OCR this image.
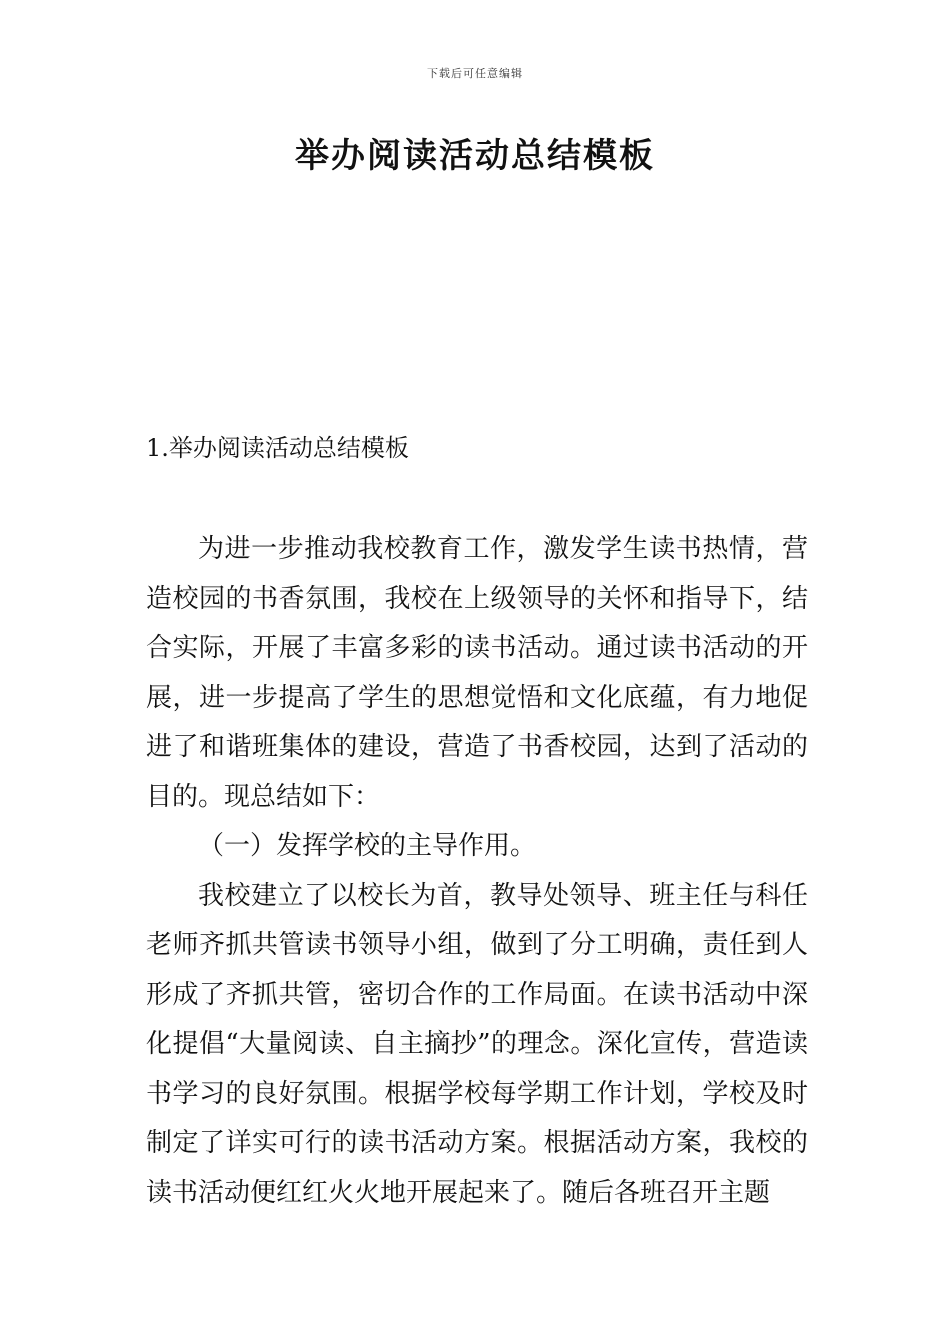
下载后可任意编辑
举办阅读活动总结模板
1.举办阅读活动总结模板

为进一步推动我校教育工作，激发学生读书热情，营造校园的书香氛围，我校在上级领导的关怀和指导下，结合实际，开展了丰富多彩的读书活动。通过读书活动的开展，进一步提高了学生的思想觉悟和文化底蕴，有力地促进了和谐班集体的建设，营造了书香校园，达到了活动的目的。现总结如下：

（一）发挥学校的主导作用。

我校建立了以校长为首，教导处领导、班主任与科任老师齐抓共管读书领导小组，做到了分工明确，责任到人形成了齐抓共管，密切合作的工作局面。在读书活动中深化提倡“大量阅读、自主摘抄”的理念。深化宣传，营造读书学习的良好氛围。根据学校每学期工作计划，学校及时制定了详实可行的读书活动方案。根据活动方案，我校的读书活动便红红火火地开展起来了。随后各班召开主题
